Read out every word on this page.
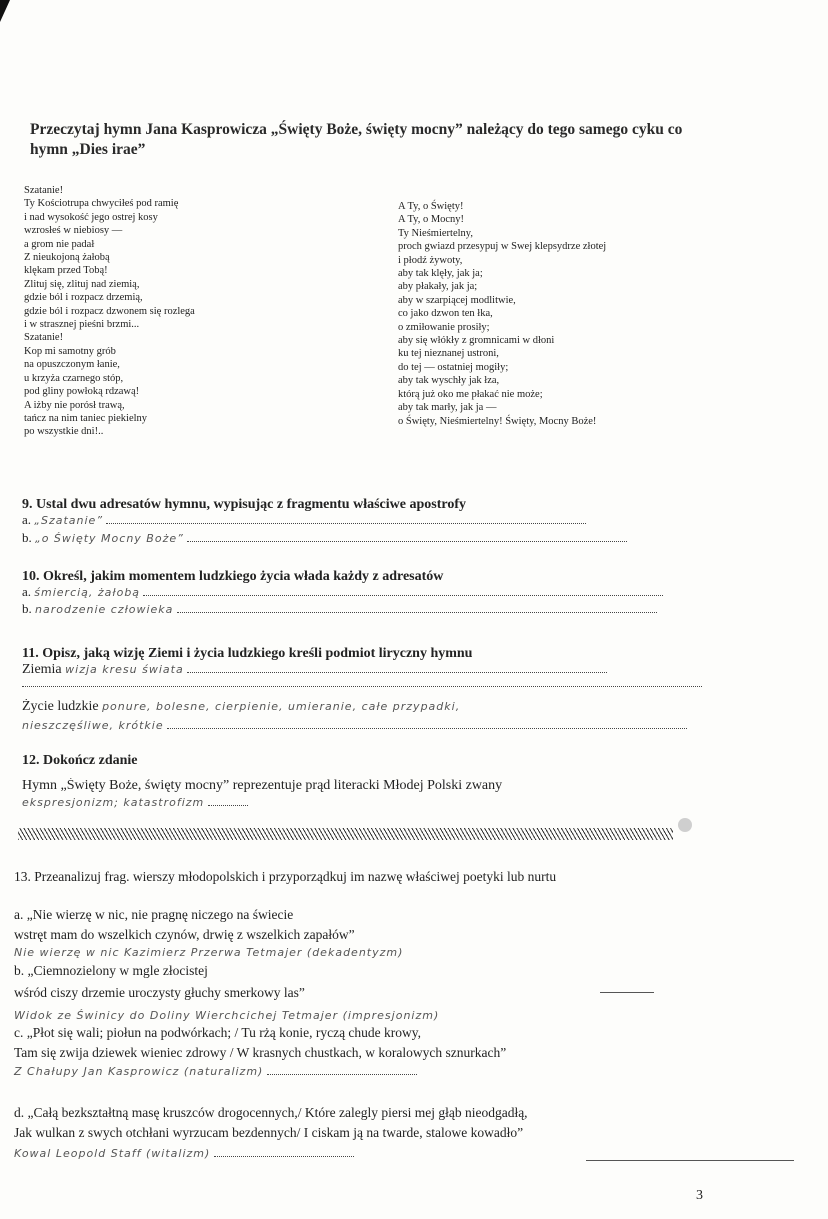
Przeczytaj hymn Jana Kasprowicza „Święty Boże, święty mocny” należący do tego samego cyku co hymn „Dies irae”
Szatanie!
Ty Kościotrupa chwyciłeś pod ramię
i nad wysokość jego ostrej kosy
wzrosłeś w niebiosy —
a grom nie padał
Z nieukojoną żałobą
klękam przed Tobą!
Zlituj się, zlituj nad ziemią,
gdzie ból i rozpacz drzemią,
gdzie ból i rozpacz dzwonem się rozlega
i w strasznej pieśni brzmi...
Szatanie!
Kop mi samotny grób
na opuszczonym łanie,
u krzyża czarnego stóp,
pod gliny powłoką rdzawą!
A iżby nie porósł trawą,
tańcz na nim taniec piekielny
po wszystkie dni!..
A Ty, o Święty!
A Ty, o Mocny!
Ty Nieśmiertelny,
proch gwiazd przesypuj w Swej klepsydrze złotej
i płodź żywoty,
aby tak klęły, jak ja;
aby płakały, jak ja;
aby w szarpiącej modlitwie,
co jako dzwon ten łka,
o zmiłowanie prosiły;
aby się włókły z gromnicami w dłoni
ku tej nieznanej ustroni,
do tej — ostatniej mogiły;
aby tak wyschły jak łza,
którą już oko me płakać nie może;
aby tak marły, jak ja —
o Święty, Nieśmiertelny! Święty, Mocny Boże!
9. Ustal dwu adresatów hymnu, wypisując z fragmentu właściwe apostrofy
a. „Szatanie”
b. „o Święty Mocny Boże”
10. Określ, jakim momentem ludzkiego życia włada każdy z adresatów
a. śmiercią, żałobą
b. narodzenie człowieka
11. Opisz, jaką wizję Ziemi i życia ludzkiego kreśli podmiot liryczny hymnu
Ziemia wizja kresu świata
Życie ludzkie ponure, bolesne, cierpienie, umieranie, całe przypadki,
nieszczęśliwe, krótkie
12. Dokończ zdanie
Hymn „Święty Boże, święty mocny” reprezentuje prąd literacki Młodej Polski zwany
ekspresjonizm; katastrofizm
13. Przeanalizuj frag. wierszy młodopolskich i przyporządkuj im nazwę właściwej poetyki lub nurtu
a. „Nie wierzę w nic, nie pragnę niczego na świecie
wstręt mam do wszelkich czynów, drwię z wszelkich zapałów”
Nie wierzę w nic Kazimierz Przerwa Tetmajer (dekadentyzm)
b. „Ciemnozielony w mgle złocistej
wśród ciszy drzemie uroczysty głuchy smerkowy las”
Widok ze Świnicy do Doliny Wierchcichej Tetmajer (impresjonizm)
c. „Płot się wali; piołun na podwórkach; / Tu rżą konie, ryczą chude krowy,
Tam się zwija dziewek wieniec zdrowy / W krasnych chustkach, w koralowych sznurkach”
Z Chałupy Jan Kasprowicz (naturalizm)
d. „Całą bezkształtną masę kruszców drogocennych,/ Które zalegly piersi mej głąb nieodgadłą,
Jak wulkan z swych otchłani wyrzucam bezdennych/ I ciskam ją na twarde, stalowe kowadło”
Kowal Leopold Staff (witalizm)
3
